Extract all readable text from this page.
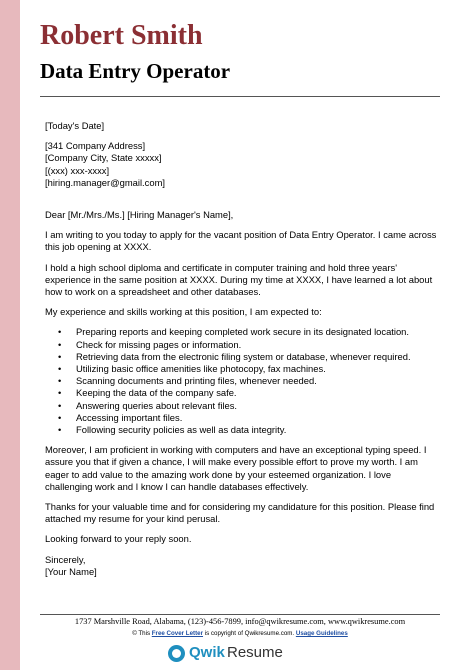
Robert Smith
Data Entry Operator

[Today's Date]

[341 Company Address]
[Company City, State xxxxx]
[(xxx) xxx-xxxx]
[hiring.manager@gmail.com]

Dear [Mr./Mrs./Ms.] [Hiring Manager's Name],

I am writing to you today to apply for the vacant position of Data Entry Operator. I came across this job opening at XXXX.

I hold a high school diploma and certificate in computer training and hold three years' experience in the same position at XXXX. During my time at XXXX, I have learned a lot about how to work on a spreadsheet and other databases.

My experience and skills working at this position, I am expected to:

• Preparing reports and keeping completed work secure in its designated location.
• Check for missing pages or information.
• Retrieving data from the electronic filing system or database, whenever required.
• Utilizing basic office amenities like photocopy, fax machines.
• Scanning documents and printing files, whenever needed.
• Keeping the data of the company safe.
• Answering queries about relevant files.
• Accessing important files.
• Following security policies as well as data integrity.

Moreover, I am proficient in working with computers and have an exceptional typing speed. I assure you that if given a chance, I will make every possible effort to prove my worth. I am eager to add value to the amazing work done by your esteemed organization. I love challenging work and I know I can handle databases effectively.

Thanks for your valuable time and for considering my candidature for this position. Please find attached my resume for your kind perusal.

Looking forward to your reply soon.

Sincerely,
[Your Name]
1737 Marshville Road, Alabama, (123)-456-7899, info@qwikresume.com, www.qwikresume.com
© This Free Cover Letter is copyright of Qwikresume.com. Usage Guidelines
Qwik Resume
